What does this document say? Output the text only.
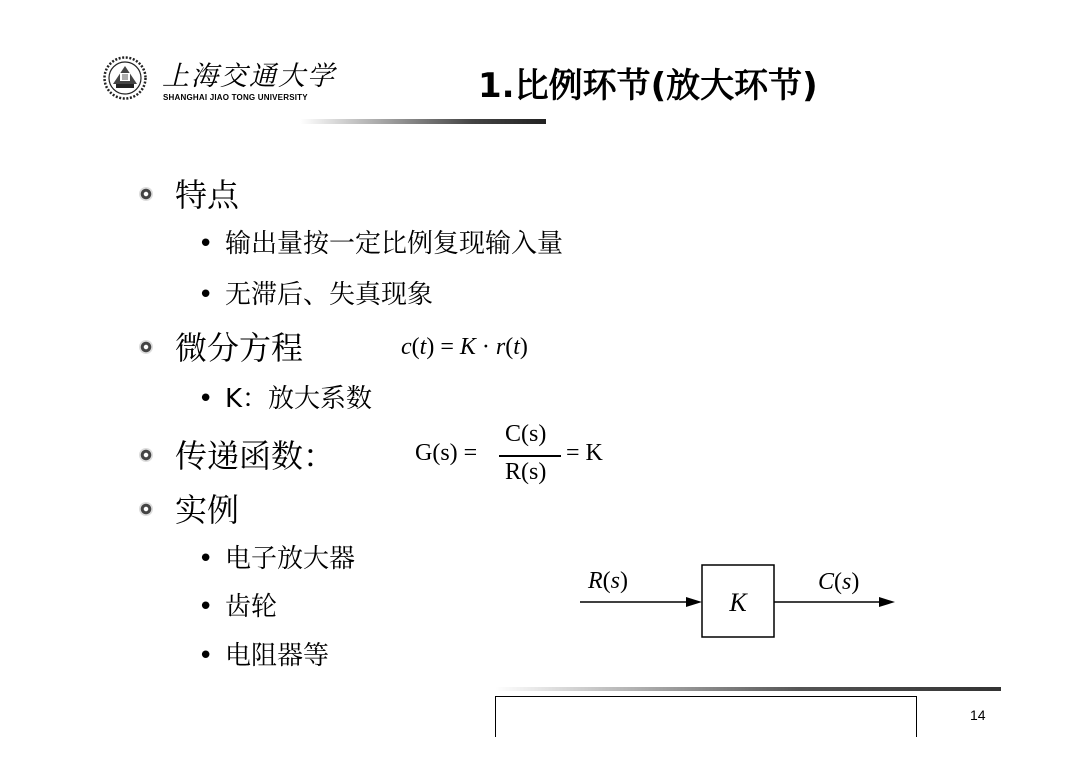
上海交通大学
SHANGHAI JIAO TONG UNIVERSITY	1.比例环节(放大环节)
特点
• 输出量按一定比例复现输入量
• 无滞后、失真现象
微分方程	c(t) = K · r(t)
• K：放大系数
传递函数：	G(s) =
C(s)
R(s)
= K
实例
• 电子放大器
• 齿轮
• 电阻器等
R(s)
K
C(s)
14
